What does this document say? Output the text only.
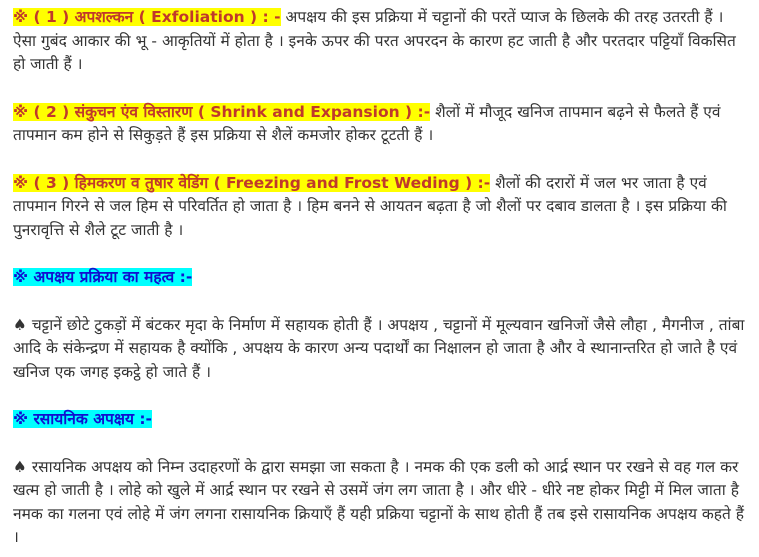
※ ( 1 ) अपशल्कन ( Exfoliation ) : - अपक्षय की इस प्रक्रिया में चट्टानों की परतें प्याज के छिलके की तरह उतरती हैं । ऐसा गुबंद आकार की भू - आकृतियों में होता है । इनके ऊपर की परत अपरदन के कारण हट जाती है और परतदार पट्टियाँ विकसित हो जाती हैं ।

※ ( 2 ) संकुचन एंव विस्तारण ( Shrink and Expansion ) :- शैलों में मौजूद खनिज तापमान बढ़ने से फैलते हैं एवं तापमान कम होने से सिकुड़ते हैं इस प्रक्रिया से शैलें कमजोर होकर टूटती हैं ।

※ ( 3 ) हिमकरण व तुषार वेडिंग ( Freezing and Frost Weding ) :- शैलों की दरारों में जल भर जाता है एवं तापमान गिरने से जल हिम से परिवर्तित हो जाता है । हिम बनने से आयतन बढ़ता है जो शैलों पर दबाव डालता है । इस प्रक्रिया की पुनरावृत्ति से शैले टूट जाती है ।

※ अपक्षय प्रक्रिया का महत्व :-

♠ चट्टानें छोटे टुकड़ों में बंटकर मृदा के निर्माण में सहायक होती हैं । अपक्षय , चट्टानों में मूल्यवान खनिजों जैसे लौहा , मैगनीज , तांबा आदि के संकेन्द्रण में सहायक है क्योंकि , अपक्षय के कारण अन्य पदार्थों का निक्षालन हो जाता है और वे स्थानान्तरित हो जाते है एवं खनिज एक जगह इकट्ठे हो जाते हैं ।

※ रसायनिक अपक्षय :-

♠ रसायनिक अपक्षय को निम्न उदाहरणों के द्वारा समझा जा सकता है । नमक की एक डली को आर्द्र स्थान पर रखने से वह गल कर खत्म हो जाती है । लोहे को खुले में आर्द्र स्थान पर रखने से उसमें जंग लग जाता है । और धीरे - धीरे नष्ट होकर मिट्टी में मिल जाता है नमक का गलना एवं लोहे में जंग लगना रासायनिक क्रियाएँ हैं यही प्रक्रिया चट्टानों के साथ होती हैं तब इसे रासायनिक अपक्षय कहते हैं ।
